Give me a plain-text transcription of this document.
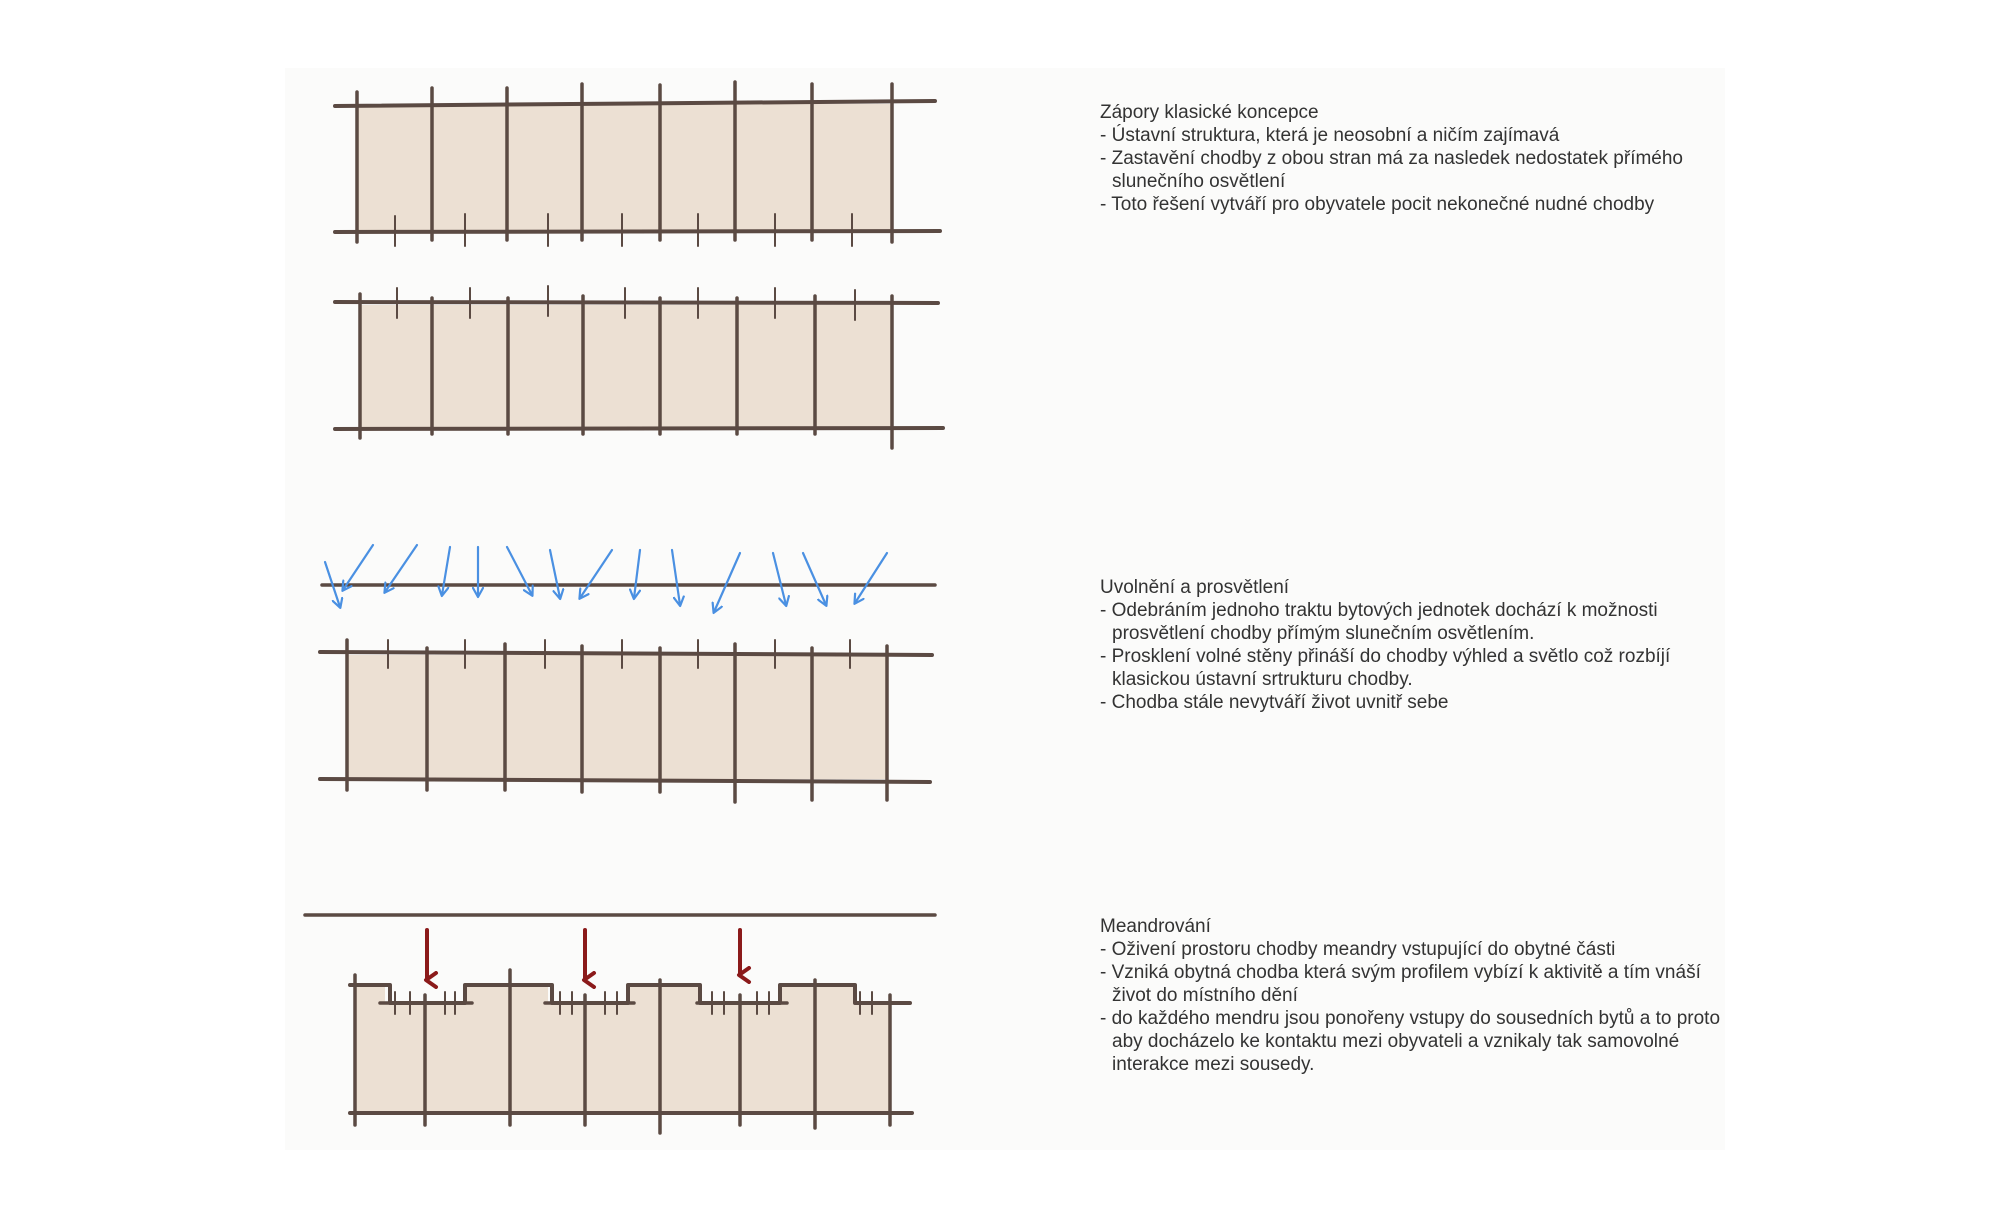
Zápory klasické koncepce
- Ústavní struktura, která je neosobní a ničím zajímavá
- Zastavění chodby z obou stran má za nasledek nedostatek přímého slunečního osvětlení
- Toto řešení vytváří pro obyvatele pocit nekonečné nudné chodby
Uvolnění a prosvětlení
- Odebráním jednoho traktu bytových jednotek dochází k možnosti prosvětlení chodby přímým slunečním osvětlením.
- Prosklení volné stěny přináší do chodby výhled a světlo což rozbíjí klasickou ústavní srtrukturu chodby.
- Chodba stále nevytváří život uvnitř sebe
Meandrování
- Oživení prostoru chodby meandry vstupující do obytné části
- Vzniká obytná chodba která svým profilem vybízí k aktivitě a tím vnáší život do místního dění
- do každého mendru jsou ponořeny vstupy do sousedních bytů a to proto aby docházelo ke kontaktu mezi obyvateli a vznikaly tak samovolné interakce mezi sousedy.
